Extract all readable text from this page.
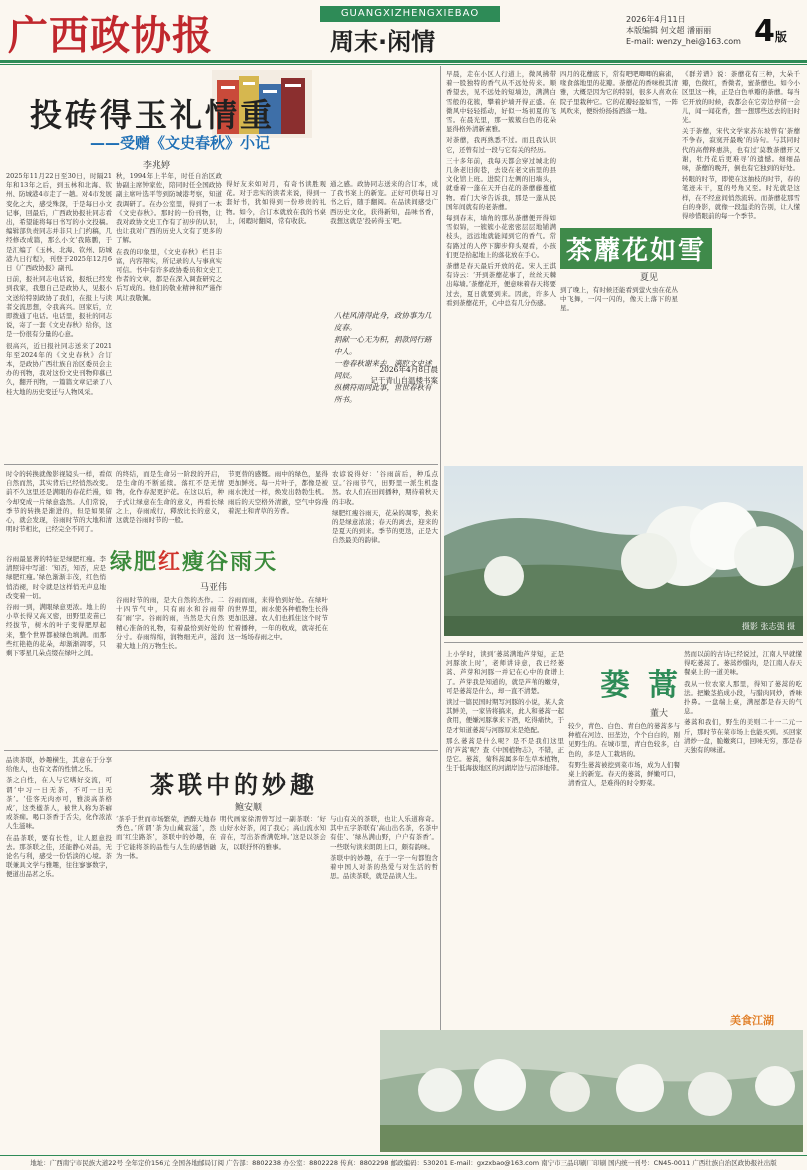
广西政协报	GUANGXIZHENGXIEBAO
周末·闲情
2026年4月11日
本版编辑 何文超 潘丽丽
E-mail: wenzy_hei@163.com 4版
投砖得玉礼情重
——受赠《文史春秋》小记
李兆婷

2025年11月22日至30日，时隔21年和13年之后，到玉林和北海、钦州、防城港4市走了一趟。对4市发展变化之大，感受殊深，于是每日小文记事，回最后，广西政协报社同志看出，希望能将每日书写的小文投稿。编辑部负责同志并非只上门约稿，几经修改成篇，那么小文‘我陈鹏，于是汇编了《玉林、北海、钦州、防城港九日行程》，刊登于2025年12月6日《广西政协报》副刊。

日前，报社同志电话说，报纸已经发到我家，我想自己是政协人，见报小文送给特别政协了我们，在报上与读者交流思想，令我高兴。回家后，立即拨通了电话。电话里，报社的同志说，寄了一套《文史春秋》给你，这是一份很有分量的心意。

很高兴，近日报社同志送来了2021年至2024年的《文史春秋》合订本，是政协广西壮族自治区委员会主办的刊物，我对这份文史刊物仰慕已久，翻开刊物，一篇篇文章记录了八桂大地的历史变迁与人物风采。

秋，1994年上半年，时任自治区政协副主席钟家佐，陪同时任全国政协副主席叶选平等到防城港考察，知道我调研了。在办公室里，得到了一本《文史春秋》。那时的一份刊物，让我对政协文史工作有了初步的认识，也让我对广西的历史人文有了更多的了解。

在我的印象里，《文史春秋》栏目丰富，内容翔实，所记录的人与事真实可信。书中有许多政协委员和文史工作者的文章，都是在深入调查研究之后写成的。他们的敬业精神和严谨作风让我敬佩。

得好友来如对月，有奇书读胜观花。对于忠实的读者来说，得到一套好书，犹如得到一份珍贵的礼物。如今，合订本就放在我的书桌上，闲暇时翻阅，常有收获。

通之感。政协同志送来的合订本，成了我书案上的新宠。正好可供每日习书之后，随手翻阅。在品读间感受广西历史文化，获得新知，品味书香，我想这就是‘投砖得玉’吧。

八桂风清得此身，政协事为几度春。
捐献一心无为积，捐款同行路中人。
一卷春秋谢来去，满腔文史述同辰。
纵横符雨同此事，世世春秋有所书。
2026年4月8日晨
记于青山自温楼书案

早晨，走在小区人行道上，微风拂带着一股独特的香气从不远处传来。顺香望去，见不远处的短墙边，满满白雪般的花簇，攀着护墙开得正盛。在微风中轻轻摇动，好似一场初夏的飞雪。在晨光里，那一簇簇白色的花朵显得格外清新素雅。

对荼蘼，我再熟悉不过。而且我认识它，还曾有过一段与它有关的经历。

三十多年前，我每天都会穿过城北的几条老旧街巷，去设在老文庙里的县文化馆上班。进院门左侧的旧墙头，就垂着一蓬在天开白花的荼蘼藤蔓植物。看门大爷告诉我，那是一蓬从民国年间就有的老荼蘼。

每到春末，墙角的那丛荼蘼便开得如雪似锦，一簇簇小花密密层层地铺满枝头，远远地就能闻到它的香气。常有路过的人停下脚步仰头观看，小孩们更是拾起地上的落花放在手心。

荼蘼是春天最后开放的花。宋人王淇有诗云：‘开到荼蘼花事了，丝丝天棘出莓墙。’荼蘼花开，便意味着春天将要过去，夏日就要到来。因此，许多人看到荼蘼花开，心中总有几分伤感。

四月的花蘼底下，常有吧吧唧唧的麻雀，喙食落地里的花瓣。荼蘼花的香味极其清雅，大概是因为它的特别，很多人喜欢在院子里栽种它。它的花瓣轻盈如雪，一阵风吹来，便纷纷扬扬洒落一地。

茶蘼花如雪
夏见

到了晚上，有时候还能看到萤火虫在花丛中飞舞，一闪一闪的，像天上落下的星星。

《群芳谱》说：荼蘼花有三种，大朵千瓣，色微红，香微者，蜜荼蘼也。如今小区里这一株，正是白色单瓣的荼蘼。每当它开放的时候，我都会在它旁边停留一会儿，闻一闻花香，想一想那些远去的旧时光。

关于荼蘼，宋代文学家苏东坡曾有‘荼蘼不争春，寂寞开最晚’的诗句。与其同时代的高僧释惠洪，也有过‘莫教荼蘼开又谢，牡丹花后更难寻’的遗憾。细细品味，荼蘼的晚开，倒也有它独到的好处。

转眼的时节，即使在这抽枝的时节，春的笔迹未干，夏的号角又至。时光就是这样，在不经意间悄然流转。而荼蘼花那雪白的身影，就像一段温柔的告别，让人懂得珍惜眼前的每一个季节。

摄影 张志强 摄

时令的转换就像影视镜头一样，看似自然而然，其实背后已经悄然改变。前不久这里还是满眼的春花烂漫，如今却变成一片绿意盎然。人们常说，季节的转换是渐进的，但是如果留心，就会发现，谷雨时节的大地和清明时节相比，已经完全不同了。

绿肥红瘦谷雨天
马亚伟

谷雨最显著的特征是绿肥红瘦。李清照诗中写道：‘知否，知否，应是绿肥红瘦。’绿色渐渐丰茂，红色悄悄消褪，时令就是这样悄无声息地改变着一切。

谷雨一到，满眼绿意更浓。地上的小草长得又高又密，田野里麦苗已经拔节，树木的叶子变得肥厚起来，整个世界都被绿色填满。而那些红艳艳的花朵，却渐渐凋零，只剩下零星几朵点缀在绿叶之间。

的终结，而是生命另一阶段的开启，是生命的不断延续。落红不是无情物，化作春泥更护花。在这以后，种子式让绿意在生命的意义，再看长绿之上，春雨成行，釋放比长的意义，这就是谷雨时节的一般。

谷雨时节的雨，是大自然的杰作。二十四节气中，只有雨水和谷雨带有‘雨’字。谷雨的雨，当然是大自然精心准备的礼物，有着最恰到好处的分寸。春雨绵绵，润物细无声，滋润着大地上的万物生长。

节更替的感慨。雨中的绿色，显得更加鲜亮。每一片叶子，都像是被雨水洗过一样，焕发出勃勃生机。雨后的天空格外清澈，空气中弥漫着泥土和青草的芳香。

谷雨而雨，来得恰到好处。在绿叶的世界里，雨水使各种植物生长得更加迅速。农人们也抓住这个时节忙着播种，一年的收成，就寄托在这一场场春雨之中。

农谚说得好：‘谷雨前后，种瓜点豆。’谷雨节气，田野里一派生机盎然。农人们在田间播种，期待着秋天的丰收。

绿肥红瘦谷雨天，花朵的凋零，换来的是绿意浓浓；春天的离去，迎来的是夏天的到来。季节的更迭，正是大自然最美的韵律。

品读茶联，妙趣横生，其意在于分享给他人，也有文者的性情之乐。

茶之自性，在人与它嗜好交流，可谓‘中习一日无茶，不可一日无茶’。‘佳客无肉亦可，雅淡高茶格成’，这类楹茶人，被世人称为茶癖或茶痴。喝口茶香于舌尖，化作浓浓人生滋味。

在品茶联，要有长性，让人愿意投去。那茶联之佳，还能静心对品，无论名与利，感受一份恬淡的心境。茶联兼具文学与雅趣，往往寥寥数字，便道出品茗之乐。

茶联中的妙趣
鲍安顺

‘茶乎于世而市场繁荣，酒醉天地春秀色。’所谓‘茶为山藏寂滋’，然而‘红尘路茶’，茶联中的妙趣，在于它能将茶的品性与人生的感悟融为一体。

明代画家徐渭曾写过一副茶联：‘好山好水好茶，闲了我心；高山流水知音在，写出茶香满乾坤。’这是以茶会友，以联抒怀的雅事。

与山有关的茶联，也让人乐道称奇。其中五字茶联有‘高山出名茶，名茶中有佳’、‘绿丛满山野，户户有茶香’。一些联句读来朗朗上口，颇有韵味。

茶联中的妙趣，在于一字一句都饱含着中国人对茶的热爱与对生活的哲思。品读茶联，就是品读人生。

上小学时，读到‘蒌蒿满地芦芽短，正是河豚欲上时’，老师讲诗意，我已经蒌蒿、芦芽和河豚一并记在心中的食谱上了。芦芽我是知道的，就是芦苇的嫩芽，可是蒌蒿是什么，却一直不清楚。

读过一篇民国时期写河豚的小说，某人贪其鲜美，一家皆将搞来，此人和蒌蒿一起食用，便嫌河豚拿来下酒，吃得痛快，于是才知道蒌蒿与河豚原来是绝配。

那么蒌蒿是什么呢？是不是我们这里的‘芦蒿’呢？查《中国植物志》，不错，正是它。蒌蒿，菊科蒿属多年生草本植物，生于低海拔地区的河湖岸边与沼泽地带。

蒌蒿
董大

较少，青色、白色、青白色的蒌蒿多与种植在河边、田垄边，个个白白的，刚见野生的。在城市里，青白色较多，白色的，多是人工栽培的。

有野生蒌蒿被挖到菜市场，成为人们餐桌上的新宠。春天的蒌蒿，鲜嫩可口，清香宜人，是难得的时令野菜。

然而以前的古诗已经说过，江南人早就懂得吃蒌蒿了。蒌蒿炒腊肉，是江南人春天餐桌上的一道美味。

我从一位农家人那里，得知了蒌蒿的吃法。把嫩茎掐成小段，与腊肉同炒，香味扑鼻。一盘端上桌，满屋都是春天的气息。

蒌蒿和我们，野生的美则二十一二元一斤，那时节在菜市场上也能买到。买回家清炒一盘，脆嫩爽口，回味无穷，那是春天独有的味道。

美食江湖
地址：广西南宁市民族大道22号 全年定价156元 全国各地邮局订阅 广告部：8802238 办公室：8802228 传真：8802298 邮政编码：530201 E-mail：gxzxbao@163.com 南宁市三品印刷厂印刷 国内统一刊号：CN45-0011 广西壮族自治区政协报社出版
